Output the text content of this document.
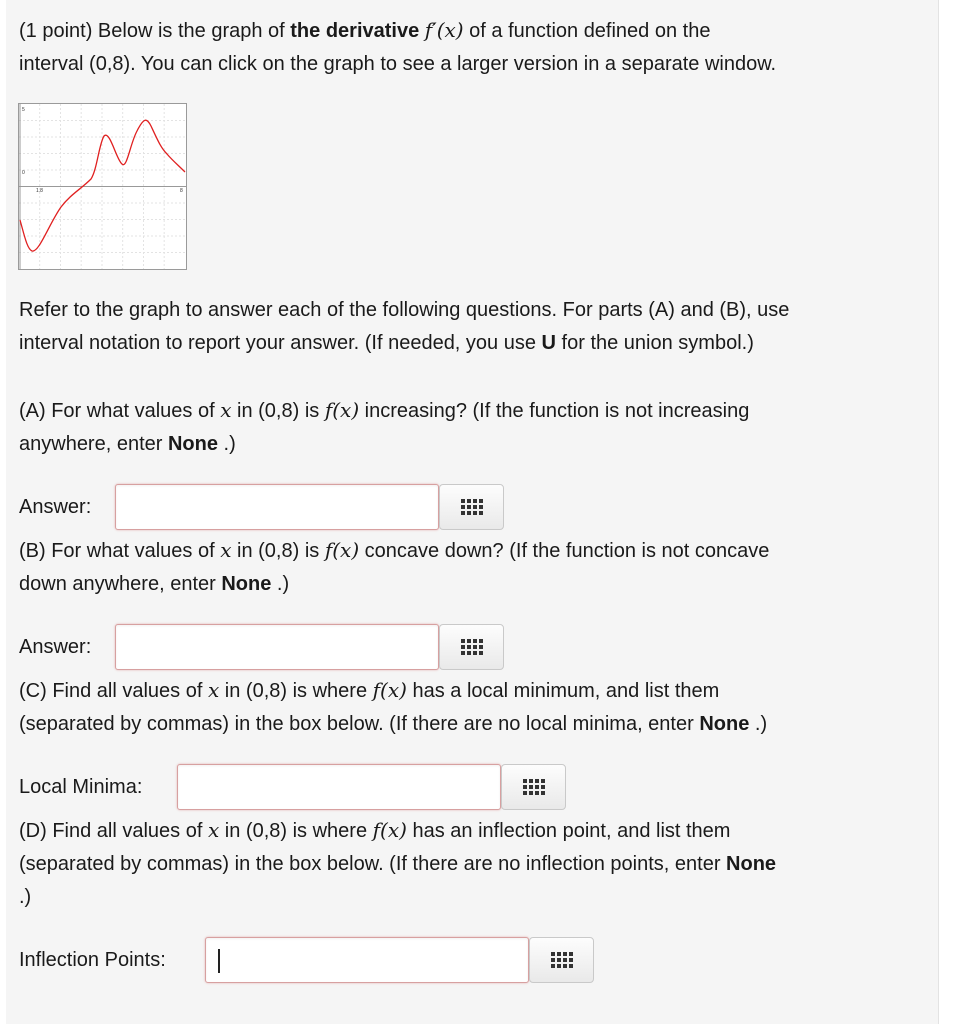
(1 point) Below is the graph of the derivative f′(x) of a function defined on the
interval (0,8). You can click on the graph to see a larger version in a separate window.

5
0
1.8	8

Refer to the graph to answer each of the following questions. For parts (A) and (B), use
interval notation to report your answer. (If needed, you use U for the union symbol.)

(A) For what values of x in (0,8) is f(x) increasing? (If the function is not increasing
anywhere, enter None .)

Answer:

(B) For what values of x in (0,8) is f(x) concave down? (If the function is not concave
down anywhere, enter None .)

Answer:

(C) Find all values of x in (0,8) is where f(x) has a local minimum, and list them
(separated by commas) in the box below. (If there are no local minima, enter None .)

Local Minima:

(D) Find all values of x in (0,8) is where f(x) has an inflection point, and list them
(separated by commas) in the box below. (If there are no inflection points, enter None
.)

Inflection Points:
